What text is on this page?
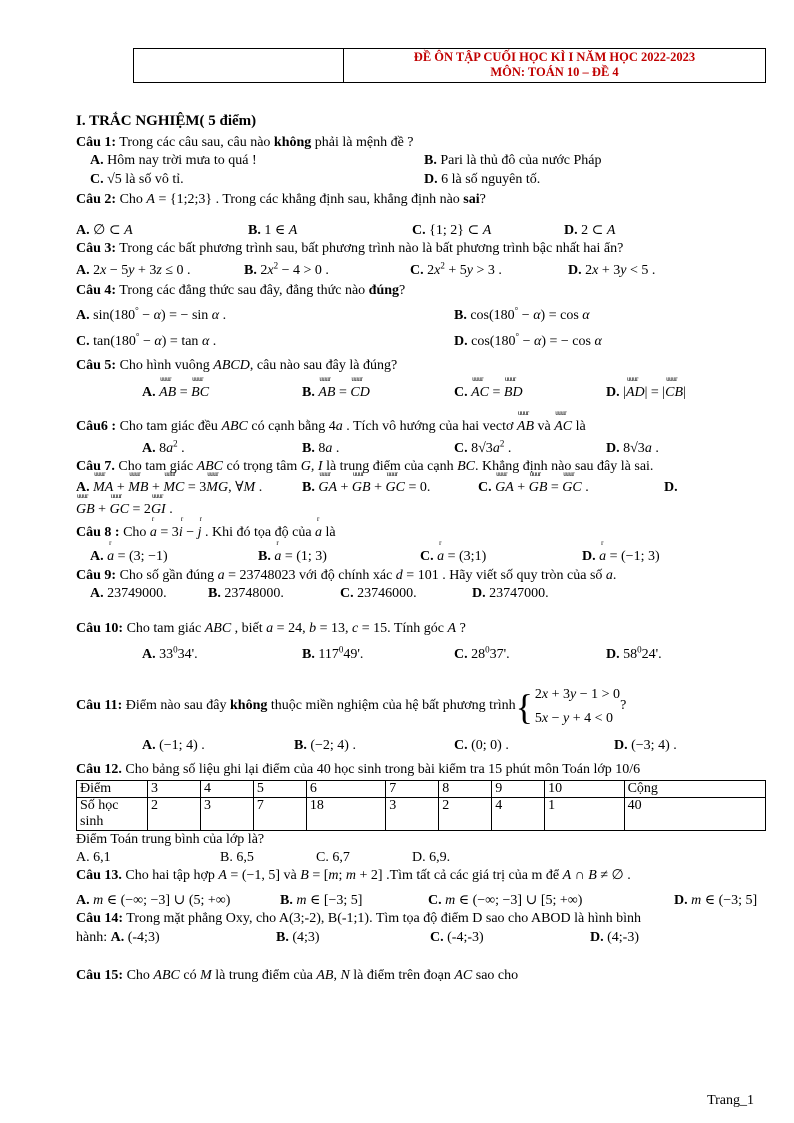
ĐỀ ÔN TẬP CUỐI HỌC KÌ I NĂM HỌC 2022-2023
MÔN: TOÁN 10 – ĐỀ 4
I. TRẮC NGHIỆM( 5 điểm)
Câu 1: Trong các câu sau, câu nào không phải là mệnh đề ?
A. Hôm nay trời mưa to quá !	B. Pari là thủ đô của nước Pháp
C. √5 là số vô tỉ.	D. 6 là số nguyên tố.
Câu 2: Cho A = {1;2;3} . Trong các khẳng định sau, khẳng định nào sai?
A. ∅ ⊂ A	B. 1 ∈ A	C. {1; 2} ⊂ A	D. 2 ⊂ A
Câu 3: Trong các bất phương trình sau, bất phương trình nào là bất phương trình bậc nhất hai ẩn?
A. 2x − 5y + 3z ≤ 0 .	B. $2x^2 - 4 > 0$ .	C. $2x^2 + 5y > 3$ .	D. 2x + 3y < 5 .
Câu 4: Trong các đẳng thức sau đây, đẳng thức nào đúng?
A. sin(180° − α) = − sin α .	B. cos(180° − α) = cos α
C. tan(180° − α) = tan α .	D. cos(180° − α) = − cos α
Câu 5: Cho hình vuông ABCD, câu nào sau đây là đúng?
A. uuur AB = uuur BC	B. uuur AB = uuur CD	C. uuur AC = uuur BD	D. |uuur AD| = |uuur CB|
Câu6 : Cho tam giác đều ABC có cạnh bằng 4a . Tích vô hướng của hai vectơ uuur AB và uuur AC là
A. $8a^2$ .	B. 8a .	C. $8√3a^2$ .	D. 8√3a .
Câu 7. Cho tam giác ABC có trọng tâm G, I là trung điểm của cạnh BC. Khẳng định nào sau đây là sai.
A. uuur MA + uuur MB + uuur MC = 3uuur MG, ∀M .	B. uuur GA + uuur GB + uuur GC = 0.	C. uuur GA + uuur GB = uuur GC .	D.
uuur GB + uuur GC = 2uuur GI .
Câu 8 : Cho r a = 3r i − r j . Khi đó tọa độ của r a là
A. r a = (3; −1)	B. r a = (1; 3)	C. r a = (3;1)	D. r a = (−1; 3)
Câu 9: Cho số gần đúng a = 23748023 với độ chính xác d = 101 . Hãy viết số quy tròn của số a.
A. 23749000.	B. 23748000.	C. 23746000.	D. 23747000.
Câu 10: Cho tam giác ABC , biết a = 24, b = 13, c = 15. Tính góc A ?
A. $33^034'$.	B. $117^049'$.	C. $28^037'$.	D. $58^024'$.
Câu 11: Điểm nào sau đây không thuộc miền nghiệm của hệ bất phương trình { 2x + 3y − 1 > 0
5x − y + 4 < 0
?
A. (−1; 4) .	B. (−2; 4) .	C. (0; 0) .	D. (−3; 4) .
Câu 12. Cho bảng số liệu ghi lại điểm của 40 học sinh trong bài kiểm tra 15 phút môn Toán lớp 10/6
Điểm	3	4	5	6	7	8	9	10	Cộng
Số học sinh	2	3	7	18	3	2	4	1	40
Điểm Toán trung bình của lớp là?
A. 6,1	B. 6,5	C. 6,7	D. 6,9.
Câu 13. Cho hai tập hợp A = (−1, 5] và B = [m; m + 2] .Tìm tất cả các giá trị của m để A ∩ B ≠ ∅ .
A. m ∈ (−∞; −3] ∪ (5; +∞)	B. m ∈ [−3; 5]	C. m ∈ (−∞; −3] ∪ [5; +∞)	D. m ∈ (−3; 5]
Câu 14: Trong mặt phẳng Oxy, cho A(3;-2), B(-1;1). Tìm tọa độ điểm D sao cho ABOD là hình bình
hành: A. (-4;3)	B. (4;3)	C. (-4;-3)	D. (4;-3)
Câu 15: Cho ABC có M là trung điểm của AB, N là điểm trên đoạn AC sao cho
Trang_1
